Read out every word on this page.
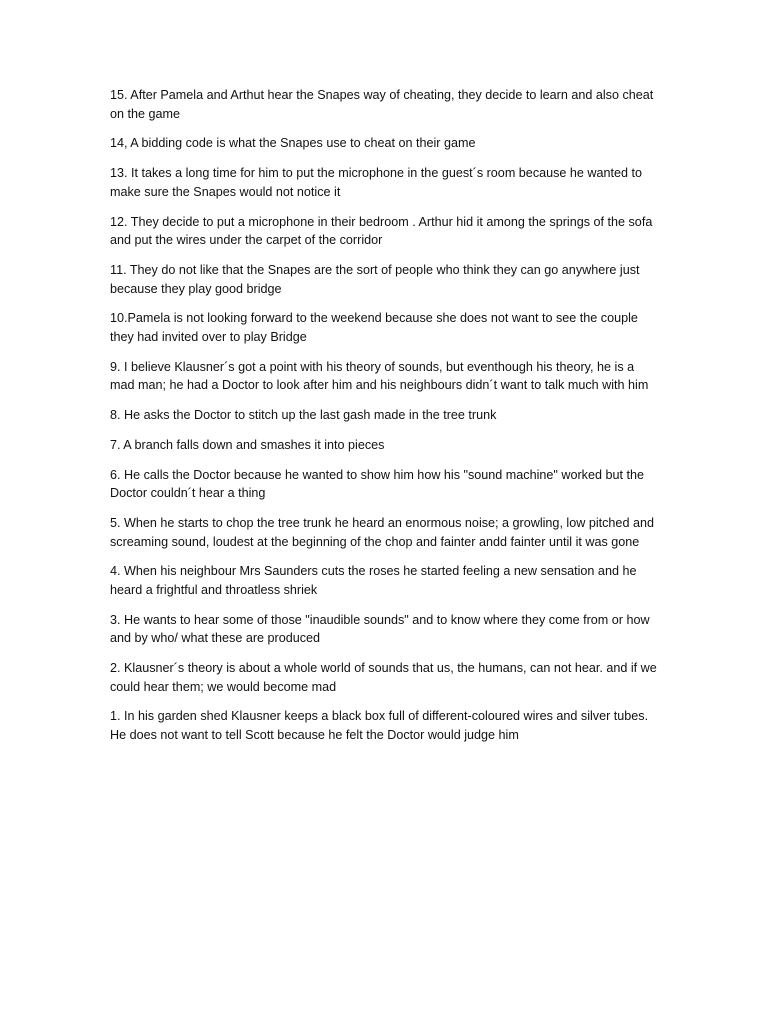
15. After Pamela and Arthut hear the Snapes way of cheating, they decide to learn and also cheat on the game
14, A bidding code is what the Snapes use to cheat on their game
13. It takes a long time for him to put the microphone in the guest´s room because he wanted to make sure the Snapes would not notice it
12. They decide to put a microphone in their bedroom . Arthur hid it among the springs of the sofa and put the wires under the carpet of the corridor
11. They do not like that the Snapes are the sort of people who think they can go anywhere just because they play good bridge
10.Pamela is not looking forward to the weekend because she does not want to see the couple they had invited over to play Bridge
9. I believe Klausner´s got a point with his theory of sounds, but eventhough his theory, he is a mad man; he had a Doctor to look after him and his neighbours didn´t want to talk much with him
8. He asks the Doctor to stitch up the last gash made in the tree trunk
7. A branch falls down and smashes it into pieces
6. He calls the Doctor because he wanted to show him how his "sound machine" worked but the Doctor couldn´t hear a thing
5. When he starts to chop the tree trunk he heard an enormous noise; a growling, low pitched and screaming sound, loudest at the beginning of the chop and fainter andd fainter until it was gone
4. When his neighbour Mrs Saunders cuts the roses he started feeling a new sensation and he heard a frightful and throatless shriek
3. He wants to hear some of those "inaudible sounds" and to know where they come from or how and by who/ what these are produced
2. Klausner´s theory is about a whole world of sounds that us, the humans, can not hear. and if we could hear them; we would become mad
1. In his garden shed Klausner keeps a black box full of different-coloured wires and silver tubes. He does not want to tell Scott because he felt the Doctor would judge him
